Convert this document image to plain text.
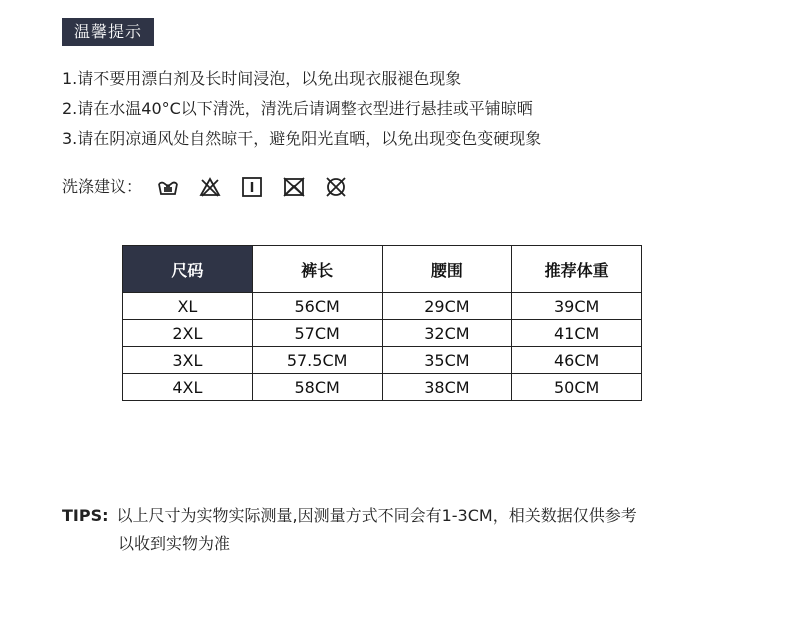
温馨提示
1.请不要用漂白剂及长时间浸泡，以免出现衣服褪色现象
2.请在水温40°C以下清洗，清洗后请调整衣型进行悬挂或平铺晾晒
3.请在阴凉通风处自然晾干，避免阳光直晒，以免出现变色变硬现象
洗涤建议：
尺码	裤长	腰围	推荐体重
XL	56CM	29CM	39CM
2XL	57CM	32CM	41CM
3XL	57.5CM	35CM	46CM
4XL	58CM	38CM	50CM
TIPS: 以上尺寸为实物实际测量,因测量方式不同会有1-3CM，相关数据仅供参考
以收到实物为准
